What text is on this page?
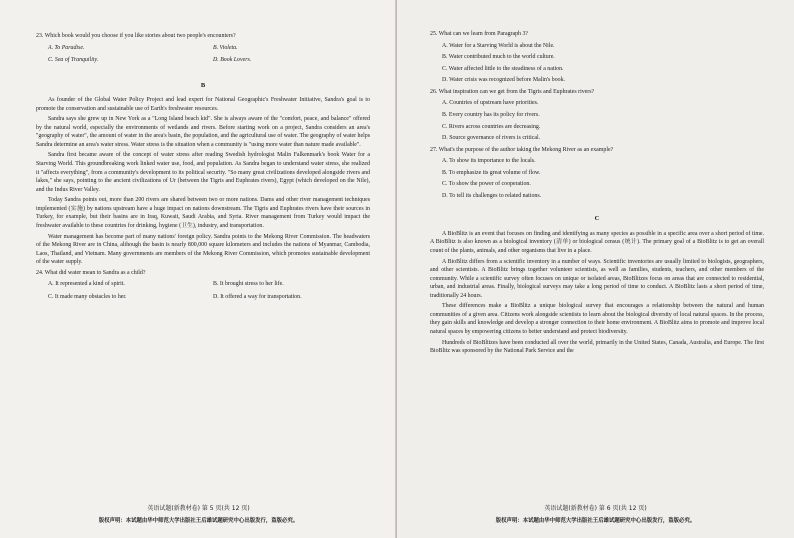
23. Which book would you choose if you like stories about two people's encounters?

A. To Paradise.	B. Violeta.

C. Sea of Tranquility.	D. Book Lovers.

B

As founder of the Global Water Policy Project and lead expert for National Geographic's Freshwater Initiative, Sandra's goal is to promote the conservation and sustainable use of Earth's freshwater resources.

Sandra says she grew up in New York as a "Long Island beach kid". She is always aware of the "comfort, peace, and balance" offered by the natural world, especially the environments of wetlands and rivers. Before starting work on a project, Sandra considers an area's "geography of water", the amount of water in the area's basin, the population, and the agricultural use of water. The geography of water helps Sandra determine an area's water stress. Water stress is the situation when a community is "using more water than nature made available".

Sandra first became aware of the concept of water stress after reading Swedish hydrologist Malin Falkenmark's book Water for a Starving World. This groundbreaking work linked water use, food, and population. As Sandra began to understand water stress, she realized it "affects everything", from a community's development to its political security. "So many great civilizations developed alongside rivers and lakes," she says, pointing to the ancient civilizations of Ur (between the Tigris and Euphrates rivers), Egypt (which developed on the Nile), and the Indus River Valley.

Today Sandra points out, more than 200 rivers are shared between two or more nations. Dams and other river management techniques implemented (实施) by nations upstream have a huge impact on nations downstream. The Tigris and Euphrates rivers have their sources in Turkey, for example, but their basins are in Iraq, Kuwait, Saudi Arabia, and Syria. River management from Turkey would impact the freshwater available to these countries for drinking, hygiene (卫生), industry, and transportation.

Water management has become part of many nations' foreign policy. Sandra points to the Mekong River Commission. The headwaters of the Mekong River are in China, although the basin is nearly 800,000 square kilometers and includes the nations of Myanmar, Cambodia, Laos, Thailand, and Vietnam. Many governments are members of the Mekong River Commission, which promotes sustainable development of the water supply.

24. What did water mean to Sandra as a child?

A. It represented a kind of spirit.	B. It brought stress to her life.

C. It made many obstacles to her.	D. It offered a way for transportation.

英语试题(新教材卷) 第 5 页(共 12 页)
版权声明：本试题由华中师范大学出版社王后雄试题研究中心出版发行，盗版必究。

25. What can we learn from Paragraph 3?

A. Water for a Starving World is about the Nile.

B. Water contributed much to the world culture.

C. Water affected little to the steadiness of a nation.

D. Water crisis was recognized before Malin's book.

26. What inspiration can we get from the Tigris and Euphrates rivers?

A. Countries of upstream have priorities.

B. Every country has its policy for rivers.

C. Rivers across countries are decreasing.

D. Source governance of rivers is critical.

27. What's the purpose of the author taking the Mekong River as an example?

A. To show its importance to the locals.

B. To emphasize its great volume of flow.

C. To show the power of cooperation.

D. To tell its challenges to related nations.

C

A BioBlitz is an event that focuses on finding and identifying as many species as possible in a specific area over a short period of time. A BioBlitz is also known as a biological inventory (清单) or biological census (统计). The primary goal of a BioBlitz is to get an overall count of the plants, animals, and other organisms that live in a place.

A BioBlitz differs from a scientific inventory in a number of ways. Scientific inventories are usually limited to biologists, geographers, and other scientists. A BioBlitz brings together volunteer scientists, as well as families, students, teachers, and other members of the community. While a scientific survey often focuses on unique or isolated areas, BioBlitzes focus on areas that are connected to residential, urban, and industrial areas. Finally, biological surveys may take a long period of time to conduct. A BioBlitz lasts a short period of time, traditionally 24 hours.

These differences make a BioBlitz a unique biological survey that encourages a relationship between the natural and human communities of a given area. Citizens work alongside scientists to learn about the biological diversity of local natural spaces. In the process, they gain skills and knowledge and develop a stronger connection to their home environment. A BioBlitz aims to promote and improve local natural spaces by empowering citizens to better understand and protect biodiversity.

Hundreds of BioBlitzes have been conducted all over the world, primarily in the United States, Canada, Australia, and Europe. The first BioBlitz was sponsored by the National Park Service and the

英语试题(新教材卷) 第 6 页(共 12 页)
版权声明：本试题由华中师范大学出版社王后雄试题研究中心出版发行，盗版必究。
